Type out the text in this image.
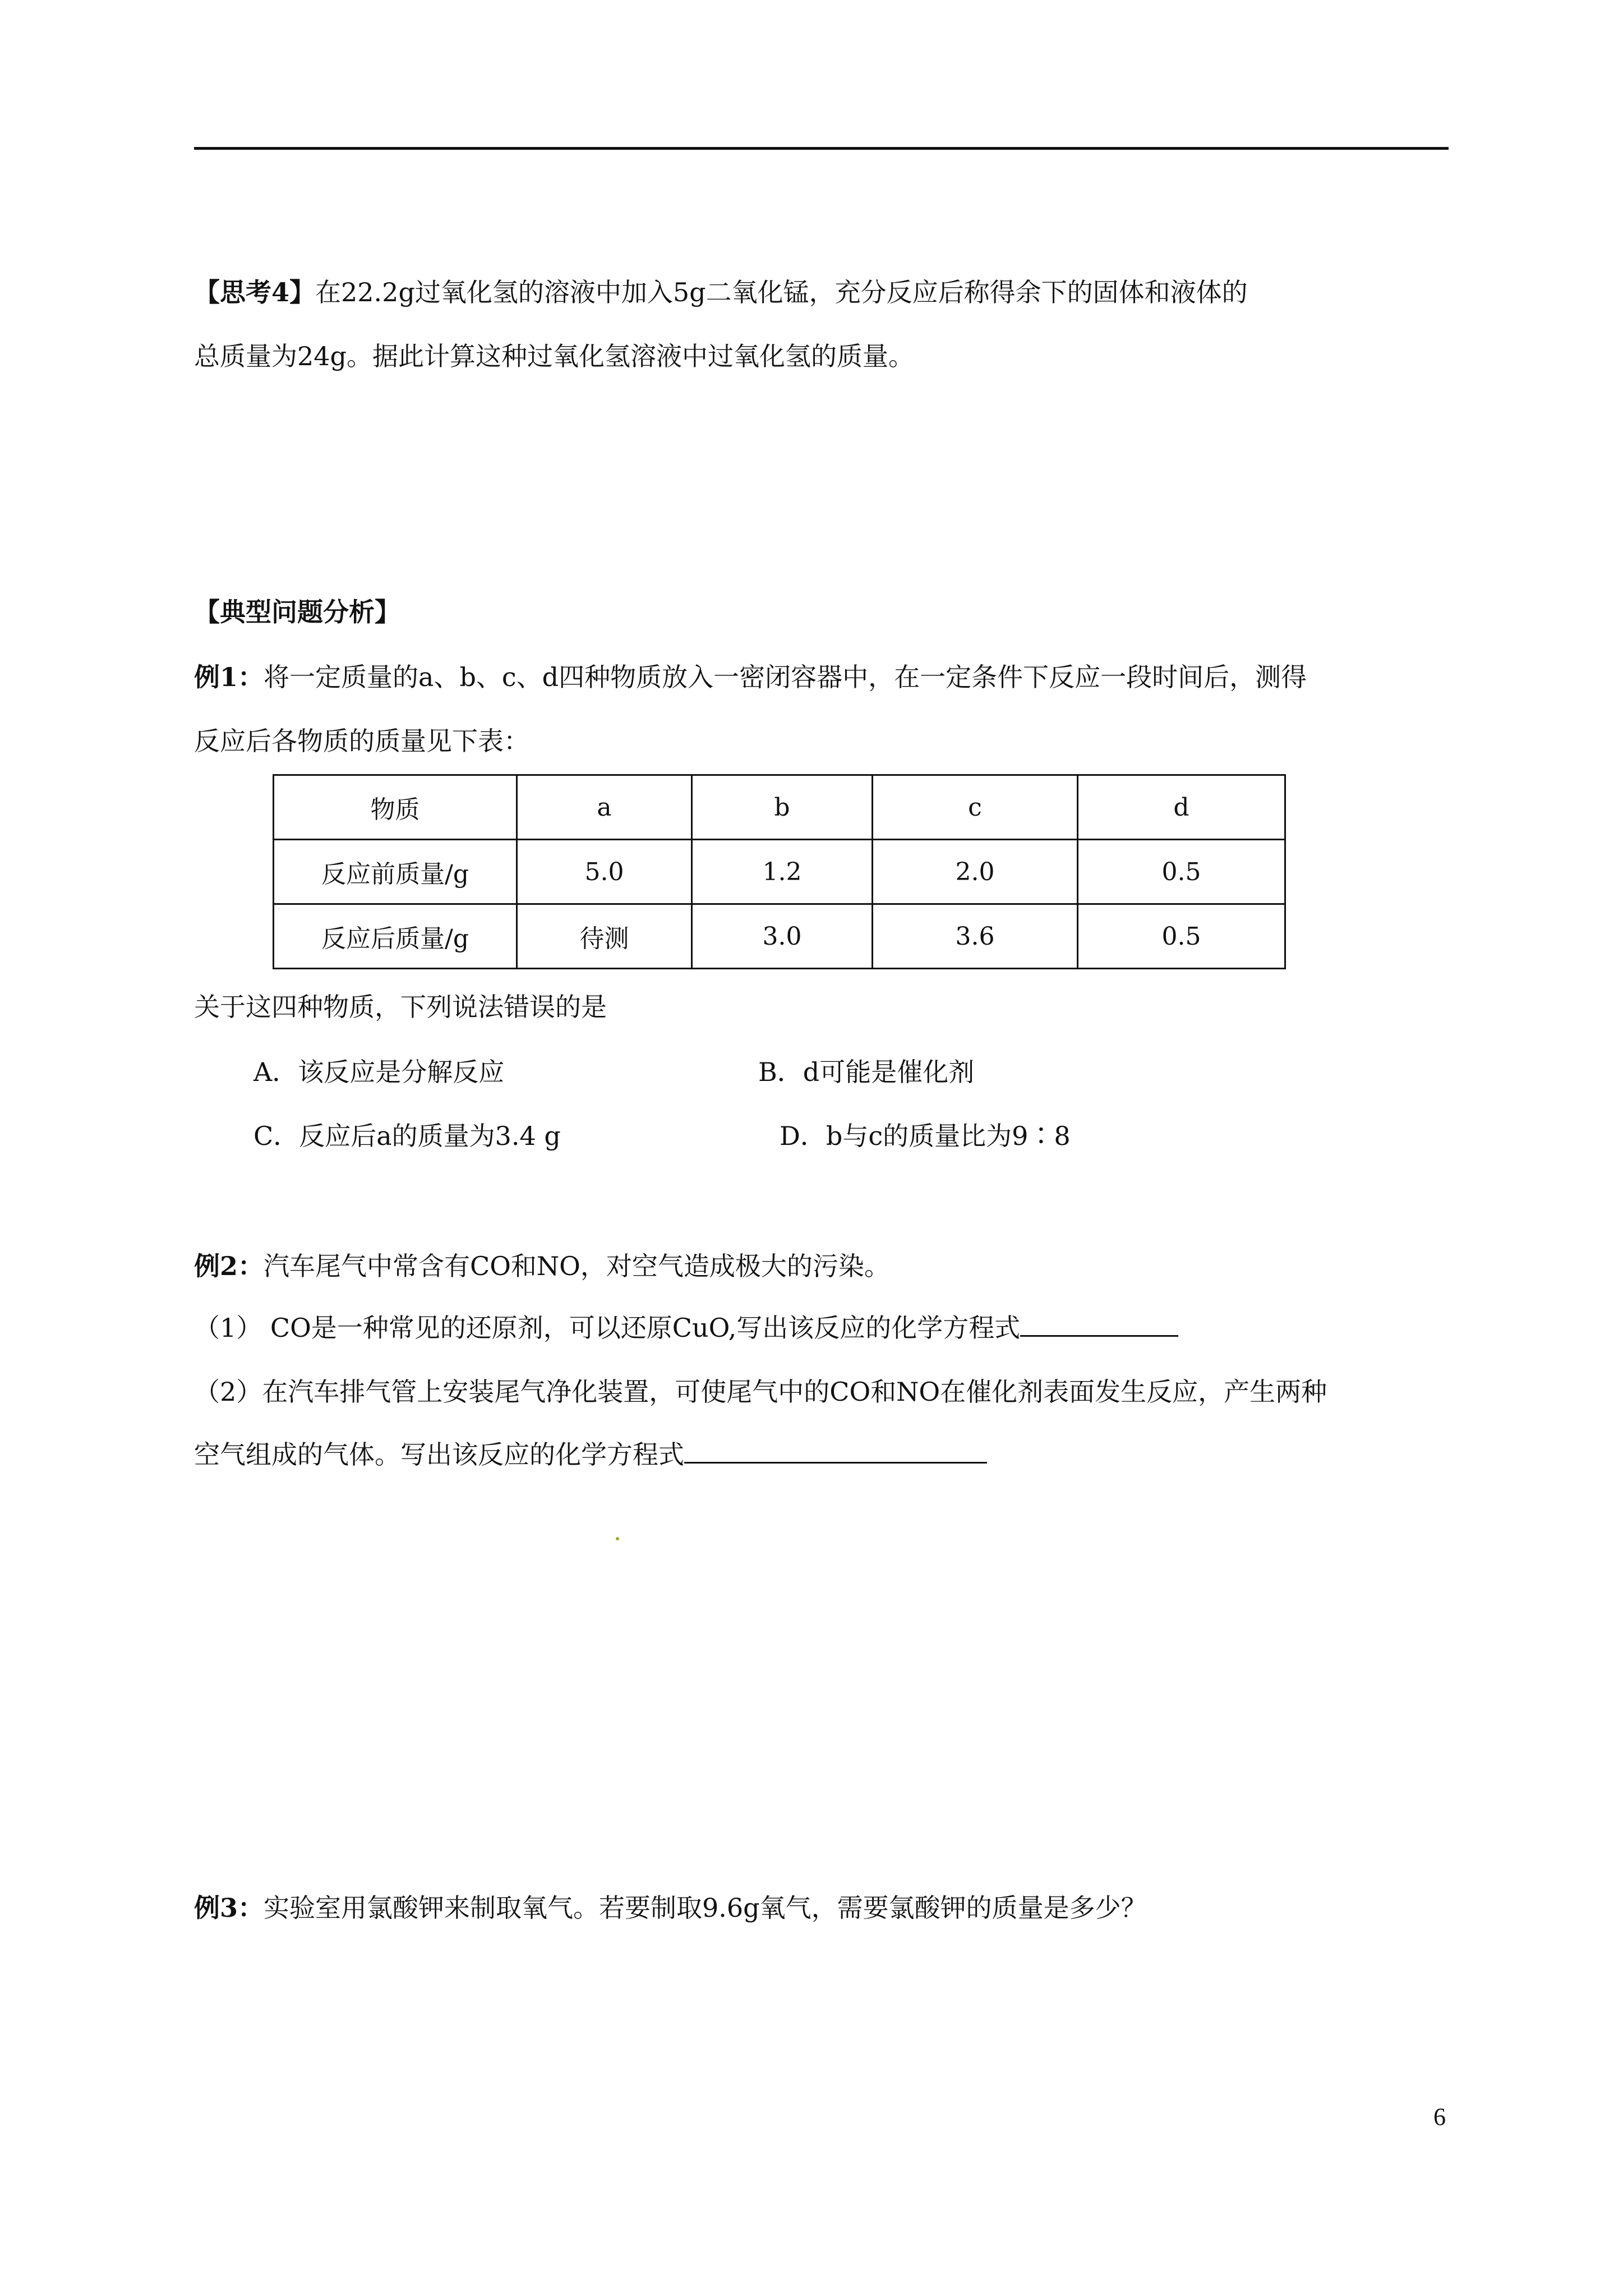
【思考4】在22.2g过氧化氢的溶液中加入5g二氧化锰，充分反应后称得余下的固体和液体的

总质量为24g。据此计算这种过氧化氢溶液中过氧化氢的质量。

【典型问题分析】

例1：将一定质量的a、b、c、d四种物质放入一密闭容器中，在一定条件下反应一段时间后，测得

反应后各物质的质量见下表：

物质	a	b	c	d
反应前质量/g	5.0	1.2	2.0	0.5
反应后质量/g	待测	3.0	3.6	0.5

关于这四种物质，下列说法错误的是

A．该反应是分解反应	B．d可能是催化剂

C．反应后a的质量为3.4 g	D．b与c的质量比为9∶8

例2：汽车尾气中常含有CO和NO，对空气造成极大的污染。

（1） CO是一种常见的还原剂，可以还原CuO,写出该反应的化学方程式

（2）在汽车排气管上安装尾气净化装置，可使尾气中的CO和NO在催化剂表面发生反应，产生两种

空气组成的气体。写出该反应的化学方程式

例3：实验室用氯酸钾来制取氧气。若要制取9.6g氧气，需要氯酸钾的质量是多少？

6
